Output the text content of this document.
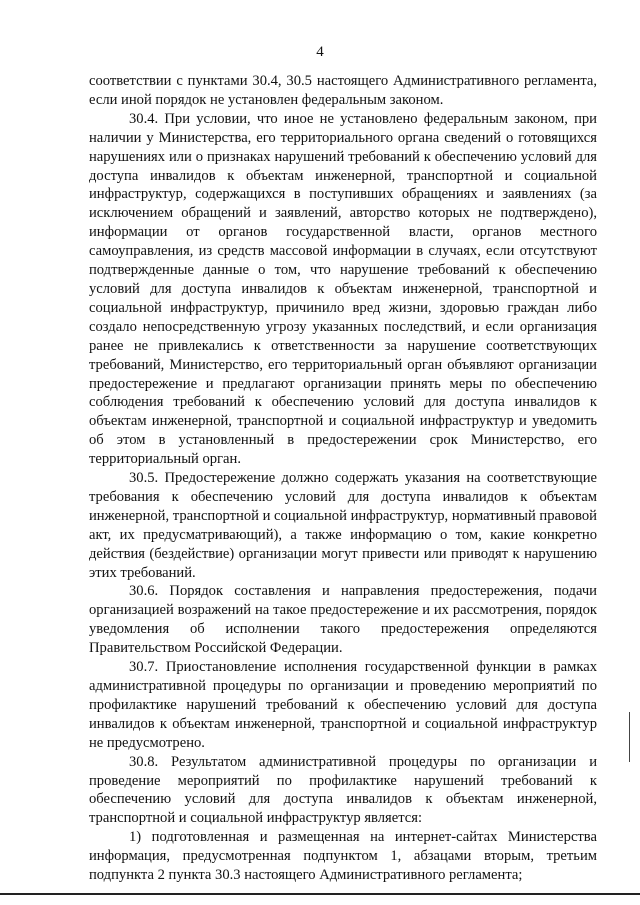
4

соответствии с пунктами 30.4, 30.5 настоящего Административного регламента, если иной порядок не установлен федеральным законом.

30.4. При условии, что иное не установлено федеральным законом, при наличии у Министерства, его территориального органа сведений о готовящихся нарушениях или о признаках нарушений требований к обеспечению условий для доступа инвалидов к объектам инженерной, транспортной и социальной инфраструктур, содержащихся в поступивших обращениях и заявлениях (за исключением обращений и заявлений, авторство которых не подтверждено), информации от органов государственной власти, органов местного самоуправления, из средств массовой информации в случаях, если отсутствуют подтвержденные данные о том, что нарушение требований к обеспечению условий для доступа инвалидов к объектам инженерной, транспортной и социальной инфраструктур, причинило вред жизни, здоровью граждан либо создало непосредственную угрозу указанных последствий, и если организация ранее не привлекались к ответственности за нарушение соответствующих требований, Министерство, его территориальный орган объявляют организации предостережение и предлагают организации принять меры по обеспечению соблюдения требований к обеспечению условий для доступа инвалидов к объектам инженерной, транспортной и социальной инфраструктур и уведомить об этом в установленный в предостережении срок Министерство, его территориальный орган.

30.5. Предостережение должно содержать указания на соответствующие требования к обеспечению условий для доступа инвалидов к объектам инженерной, транспортной и социальной инфраструктур, нормативный правовой акт, их предусматривающий), а также информацию о том, какие конкретно действия (бездействие) организации могут привести или приводят к нарушению этих требований.

30.6. Порядок составления и направления предостережения, подачи организацией возражений на такое предостережение и их рассмотрения, порядок уведомления об исполнении такого предостережения определяются Правительством Российской Федерации.

30.7. Приостановление исполнения государственной функции в рамках административной процедуры по организации и проведению мероприятий по профилактике нарушений требований к обеспечению условий для доступа инвалидов к объектам инженерной, транспортной и социальной инфраструктур не предусмотрено.

30.8. Результатом административной процедуры по организации и проведение мероприятий по профилактике нарушений требований к обеспечению условий для доступа инвалидов к объектам инженерной, транспортной и социальной инфраструктур является:

1) подготовленная и размещенная на интернет-сайтах Министерства информация, предусмотренная подпунктом 1, абзацами вторым, третьим подпункта 2 пункта 30.3 настоящего Административного регламента;
